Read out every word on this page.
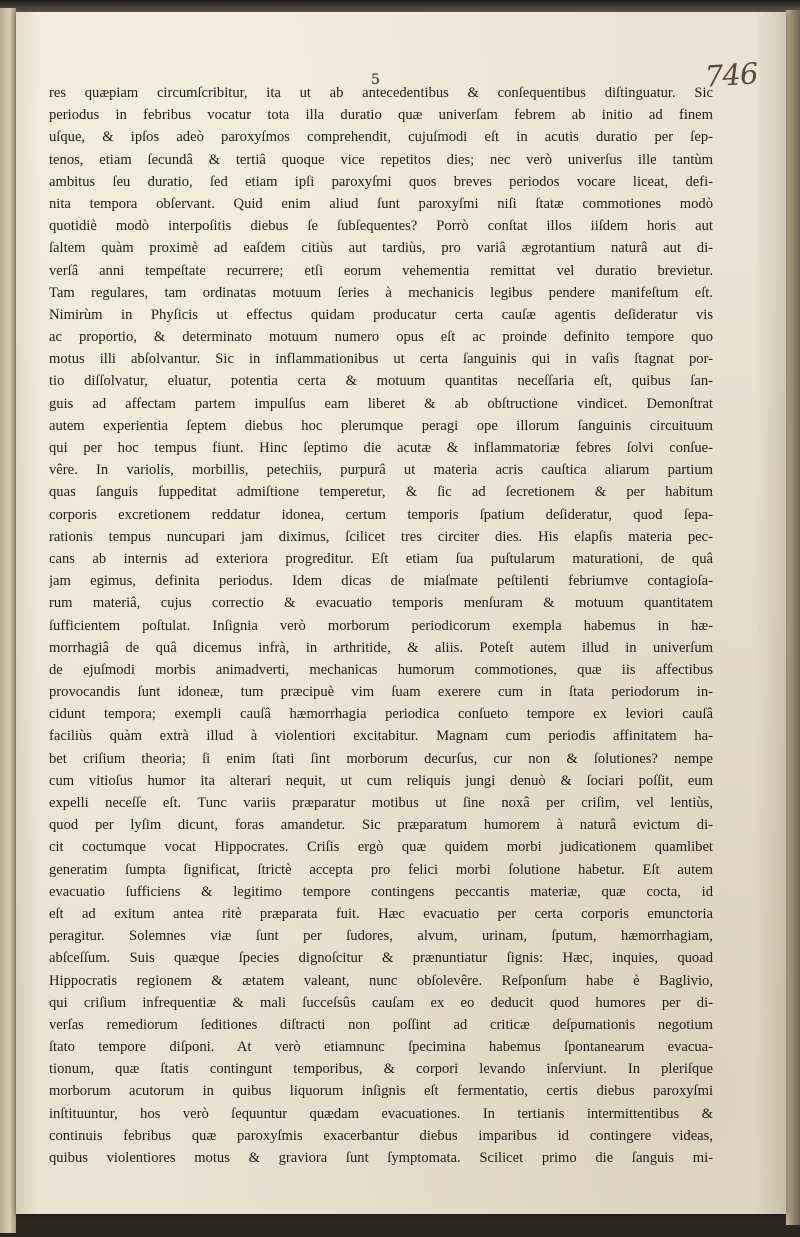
5	746
res quæpiam circumſcribitur, ita ut ab antecedentibus & conſequentibus diſtinguatur. Sic
periodus in febribus vocatur tota illa duratio quæ univerſam febrem ab initio ad finem
uſque, & ipſos adeò paroxyſmos comprehendit, cujuſmodi eſt in acutis duratio per ſep-
tenos, etiam ſecundâ & tertiâ quoque vice repetitos dies; nec verò univerſus ille tantùm
ambitus ſeu duratio, ſed etiam ipſi paroxyſmi quos breves periodos vocare liceat, defi-
nita tempora obſervant. Quid enim aliud ſunt paroxyſmi niſi ſtatæ commotiones modò
quotidiè modò interpoſitis diebus ſe ſubſequentes? Porrò conſtat illos iiſdem horis aut
ſaltem quàm proximè ad eaſdem citiùs aut tardiùs, pro variâ ægrotantium naturâ aut di-
verſâ anni tempeſtate recurrere; etſi eorum vehementia remittat vel duratio brevietur.
Tam regulares, tam ordinatas motuum ſeries à mechanicis legibus pendere manifeſtum eſt.
Nimirùm in Phyſicis ut effectus quidam producatur certa cauſæ agentis deſideratur vis
ac proportio, & determinato motuum numero opus eſt ac proinde definito tempore quo
motus illi abſolvantur. Sic in inflammationibus ut certa ſanguinis qui in vaſis ſtagnat por-
tio diſſolvatur, eluatur, potentia certa & motuum quantitas neceſſaria eſt, quibus ſan-
guis ad affectam partem impulſus eam liberet & ab obſtructione vindicet. Demonſtrat
autem experientia ſeptem diebus hoc plerumque peragi ope illorum ſanguinis circuituum
qui per hoc tempus fiunt. Hinc ſeptimo die acutæ & inflammatoriæ febres ſolvi conſue-
vêre. In variolis, morbillis, petechiis, purpurâ ut materia acris cauſtica aliarum partium
quas ſanguis ſuppeditat admiſtione temperetur, & ſic ad ſecretionem & per habitum
corporis excretionem reddatur idonea, certum temporis ſpatium deſideratur, quod ſepa-
rationis tempus nuncupari jam diximus, ſcilicet tres circiter dies. His elapſis materia pec-
cans ab internis ad exteriora progreditur. Eſt etiam ſua puſtularum maturationi, de quâ
jam egimus, definita periodus. Idem dicas de miaſmate peſtilenti febriumve contagioſa-
rum materiâ, cujus correctio & evacuatio temporis menſuram & motuum quantitatem
ſufficientem poſtulat. Inſignia verò morborum periodicorum exempla habemus in hæ-
morrhagiâ de quâ dicemus infrà, in arthritide, & aliis. Poteſt autem illud in univerſum
de ejuſmodi morbis animadverti, mechanicas humorum commotiones, quæ iis affectibus
provocandis ſunt idoneæ, tum præcipuè vim ſuam exerere cum in ſtata periodorum in-
cidunt tempora; exempli cauſâ hæmorrhagia periodica conſueto tempore ex leviori cauſâ
faciliùs quàm extrà illud à violentiori excitabitur. Magnam cum periodis affinitatem ha-
bet criſium theoria; ſi enim ſtati ſint morborum decurſus, cur non & ſolutiones? nempe
cum vitioſus humor ita alterari nequit, ut cum reliquis jungi denuò & ſociari poſſit, eum
expelli neceſſe eſt. Tunc variis præparatur motibus ut ſine noxâ per criſim, vel lentiùs,
quod per lyſim dicunt, foras amandetur. Sic præparatum humorem à naturâ evictum di-
cit coctumque vocat Hippocrates. Criſis ergò quæ quidem morbi judicationem quamlibet
generatim ſumpta ſignificat, ſtrictè accepta pro felici morbi ſolutione habetur. Eſt autem
evacuatio ſufficiens & legitimo tempore contingens peccantis materiæ, quæ cocta, id
eſt ad exitum antea ritè præparata fuit. Hæc evacuatio per certa corporis emunctoria
peragitur. Solemnes viæ ſunt per ſudores, alvum, urinam, ſputum, hæmorrhagiam,
abſceſſum. Suis quæque ſpecies dignoſcitur & prænuntiatur ſignis: Hæc, inquies, quoad
Hippocratis regionem & ætatem valeant, nunc obſolevêre. Reſponſum habe è Baglivio,
qui criſium infrequentiæ & mali ſucceſsûs cauſam ex eo deducit quod humores per di-
verſas remediorum ſeditiones diſtracti non poſſint ad criticæ deſpumationis negotium
ſtato tempore diſponi. At verò etiamnunc ſpecimina habemus ſpontanearum evacua-
tionum, quæ ſtatis contingunt temporibus, & corpori levando inſerviunt. In pleriſque
morborum acutorum in quibus liquorum inſignis eſt fermentatio, certis diebus paroxyſmi
inſtituuntur, hos verò ſequuntur quædam evacuationes. In tertianis intermittentibus &
continuis febribus quæ paroxyſmis exacerbantur diebus imparibus id contingere videas,
quibus violentiores motus & graviora ſunt ſymptomata. Scilicet primo die ſanguis mi-
